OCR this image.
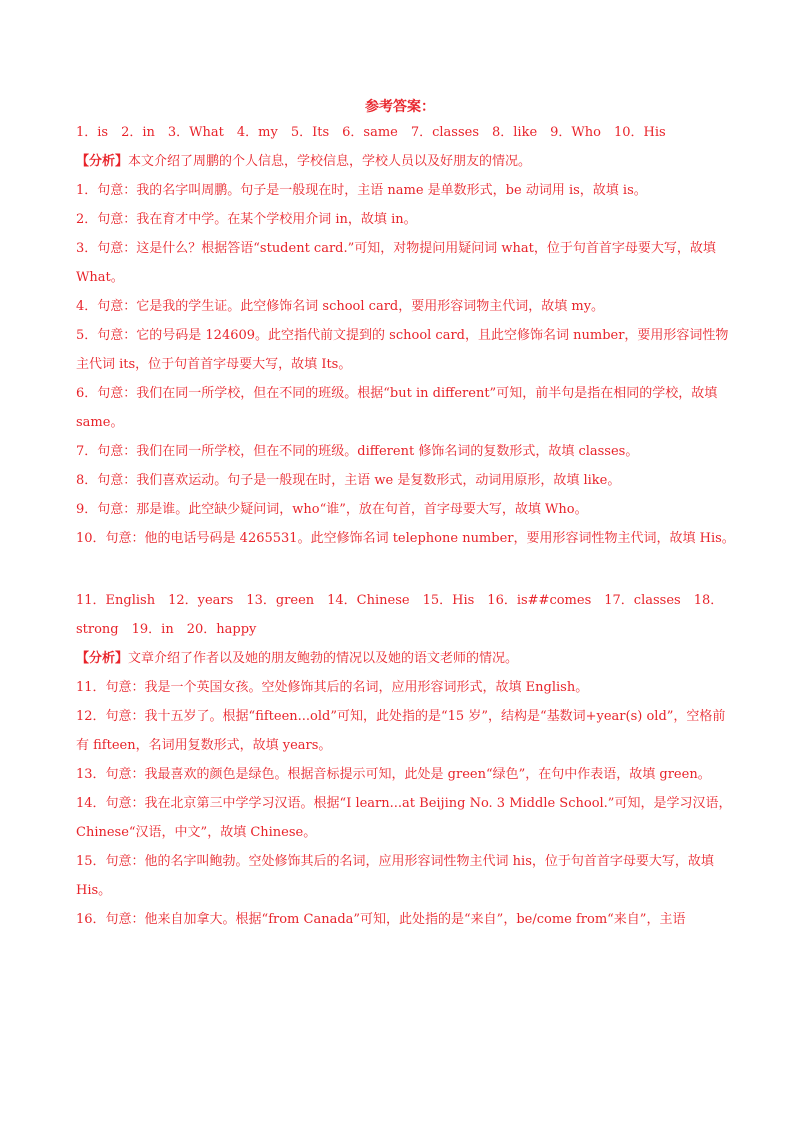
参考答案：

1．is　2．in　3．What　4．my　5．Its　6．same　7．classes　8．like　9．Who　10．His

【分析】本文介绍了周鹏的个人信息，学校信息，学校人员以及好朋友的情况。

1．句意：我的名字叫周鹏。句子是一般现在时，主语 name 是单数形式，be 动词用 is，故填 is。

2．句意：我在育才中学。在某个学校用介词 in，故填 in。

3．句意：这是什么？根据答语“student card.”可知，对物提问用疑问词 what，位于句首首字母要大写，故填 What。

4．句意：它是我的学生证。此空修饰名词 school card，要用形容词物主代词，故填 my。

5．句意：它的号码是 124609。此空指代前文提到的 school card，且此空修饰名词 number，要用形容词性物主代词 its，位于句首首字母要大写，故填 Its。

6．句意：我们在同一所学校，但在不同的班级。根据“but in different”可知，前半句是指在相同的学校，故填 same。

7．句意：我们在同一所学校，但在不同的班级。different 修饰名词的复数形式，故填 classes。

8．句意：我们喜欢运动。句子是一般现在时，主语 we 是复数形式，动词用原形，故填 like。

9．句意：那是谁。此空缺少疑问词，who“谁”，放在句首，首字母要大写，故填 Who。

10．句意：他的电话号码是 4265531。此空修饰名词 telephone number，要用形容词性物主代词，故填 His。

11．English　12．years　13．green　14．Chinese　15．His　16．is##comes　17．classes　18．strong　19．in　20．happy

【分析】文章介绍了作者以及她的朋友鲍勃的情况以及她的语文老师的情况。

11．句意：我是一个英国女孩。空处修饰其后的名词，应用形容词形式，故填 English。

12．句意：我十五岁了。根据“fifteen...old”可知，此处指的是“15 岁”，结构是“基数词+year(s) old”，空格前有 fifteen，名词用复数形式，故填 years。

13．句意：我最喜欢的颜色是绿色。根据音标提示可知，此处是 green“绿色”，在句中作表语，故填 green。

14．句意：我在北京第三中学学习汉语。根据“I learn...at Beijing No. 3 Middle School.”可知，是学习汉语，Chinese“汉语，中文”，故填 Chinese。

15．句意：他的名字叫鲍勃。空处修饰其后的名词，应用形容词性物主代词 his，位于句首首字母要大写，故填 His。

16．句意：他来自加拿大。根据“from Canada”可知，此处指的是“来自”，be/come from“来自”，主语
